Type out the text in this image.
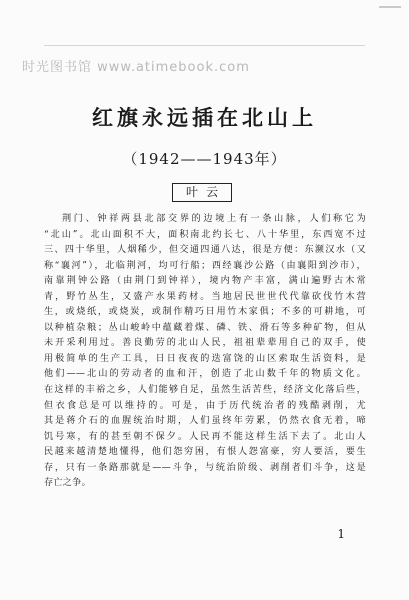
时光图书馆 www.atimebook.com
红旗永远插在北山上
（1942——1943年）
叶云
荆门、钟祥两县北部交界的边境上有一条山脉，人们称它为
“北山”。北山面积不大，面积南北约长七、八十华里，东西宽不过
三、四十华里，人烟稀少，但交通四通八达，很是方便：东濒汉水（又
称“襄河”），北临荆河，均可行船；西经襄沙公路（由襄阳到沙市），
南靠荆钟公路（由荆门到钟祥），境内物产丰富，满山遍野古木常
青，野竹丛生，又盛产水果药材。当地居民世世代代靠砍伐竹木营
生，或烧纸，或烧炭，或制作精巧日用竹木家俱；不多的可耕地，可
以种植杂粮；丛山峻岭中蕴藏着煤、磷、铁、滑石等多种矿物，但从
未开采利用过。善良勤劳的北山人民，祖祖辈辈用自己的双手，使
用极简单的生产工具，日日夜夜的迭富饶的山区索取生活资料，是
他们——北山的劳动者的血和汗，创造了北山数千年的物质文化。
在这样的丰裕之乡，人们能够自足，虽然生活苦些，经济文化落后些，
但衣食总是可以维持的。可是，由于历代统治者的残酷剥削，尤
其是蒋介石的血腥统治时期，人们虽终年劳累，仍然衣食无着，啼
饥号寒，有的甚至朝不保夕。人民再不能这样生活下去了。北山人
民越来越清楚地懂得，他们怨穷困，有恨人怨富豪，穷人要活，要生
存，只有一条路那就是——斗争，与统治阶级、剥削者们斗争，这是
存亡之争。
1
